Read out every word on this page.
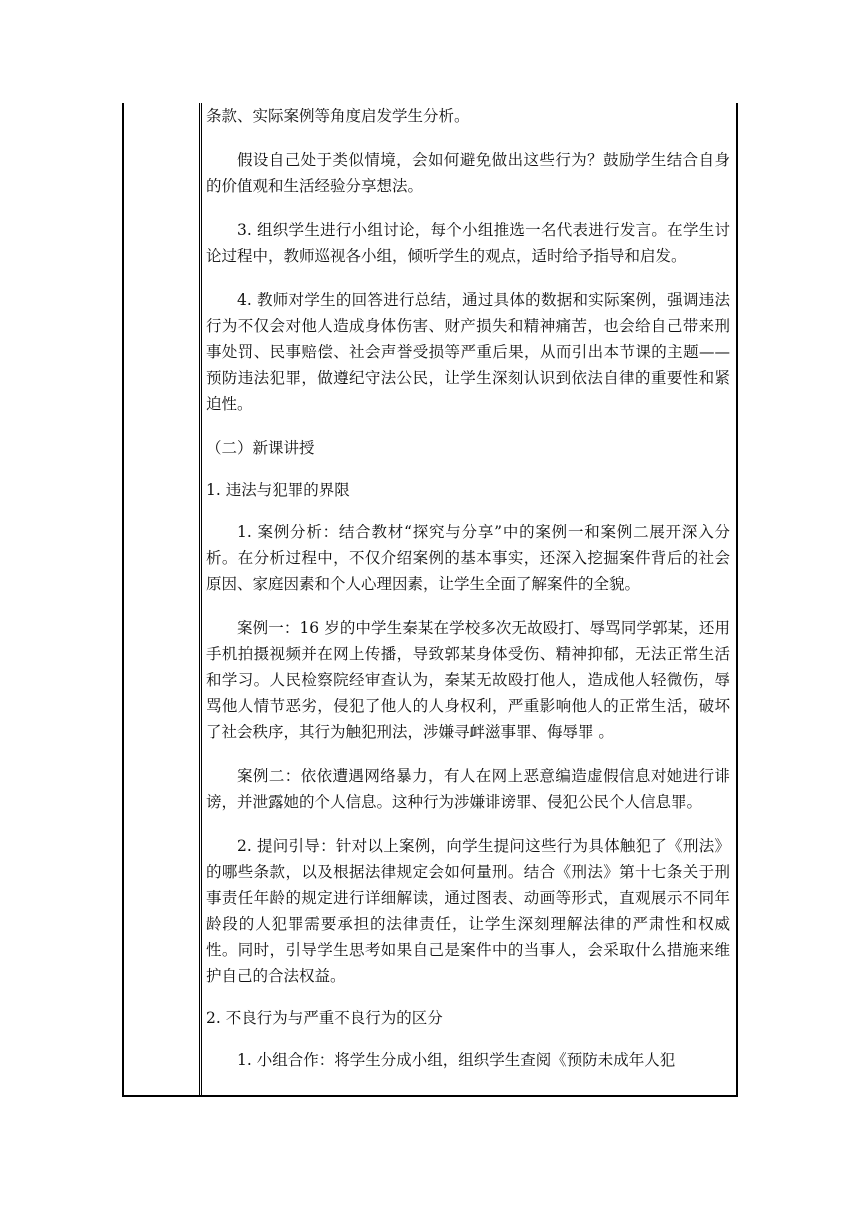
条款、实际案例等角度启发学生分析。

假设自己处于类似情境，会如何避免做出这些行为？鼓励学生结合自身的价值观和生活经验分享想法。

3. 组织学生进行小组讨论，每个小组推选一名代表进行发言。在学生讨论过程中，教师巡视各小组，倾听学生的观点，适时给予指导和启发。

4. 教师对学生的回答进行总结，通过具体的数据和实际案例，强调违法行为不仅会对他人造成身体伤害、财产损失和精神痛苦，也会给自己带来刑事处罚、民事赔偿、社会声誉受损等严重后果，从而引出本节课的主题——预防违法犯罪，做遵纪守法公民，让学生深刻认识到依法自律的重要性和紧迫性。

（二）新课讲授

1. 违法与犯罪的界限

1. 案例分析：结合教材“探究与分享”中的案例一和案例二展开深入分析。在分析过程中，不仅介绍案例的基本事实，还深入挖掘案件背后的社会原因、家庭因素和个人心理因素，让学生全面了解案件的全貌。

案例一：16 岁的中学生秦某在学校多次无故殴打、辱骂同学郭某，还用手机拍摄视频并在网上传播，导致郭某身体受伤、精神抑郁，无法正常生活和学习。人民检察院经审查认为，秦某无故殴打他人，造成他人轻微伤，辱骂他人情节恶劣，侵犯了他人的人身权利，严重影响他人的正常生活，破坏了社会秩序，其行为触犯刑法，涉嫌寻衅滋事罪、侮辱罪 。

案例二：依依遭遇网络暴力，有人在网上恶意编造虚假信息对她进行诽谤，并泄露她的个人信息。这种行为涉嫌诽谤罪、侵犯公民个人信息罪。

2. 提问引导：针对以上案例，向学生提问这些行为具体触犯了《刑法》的哪些条款，以及根据法律规定会如何量刑。结合《刑法》第十七条关于刑事责任年龄的规定进行详细解读，通过图表、动画等形式，直观展示不同年龄段的人犯罪需要承担的法律责任，让学生深刻理解法律的严肃性和权威性。同时，引导学生思考如果自己是案件中的当事人，会采取什么措施来维护自己的合法权益。

2. 不良行为与严重不良行为的区分

1. 小组合作：将学生分成小组，组织学生查阅《预防未成年人犯
